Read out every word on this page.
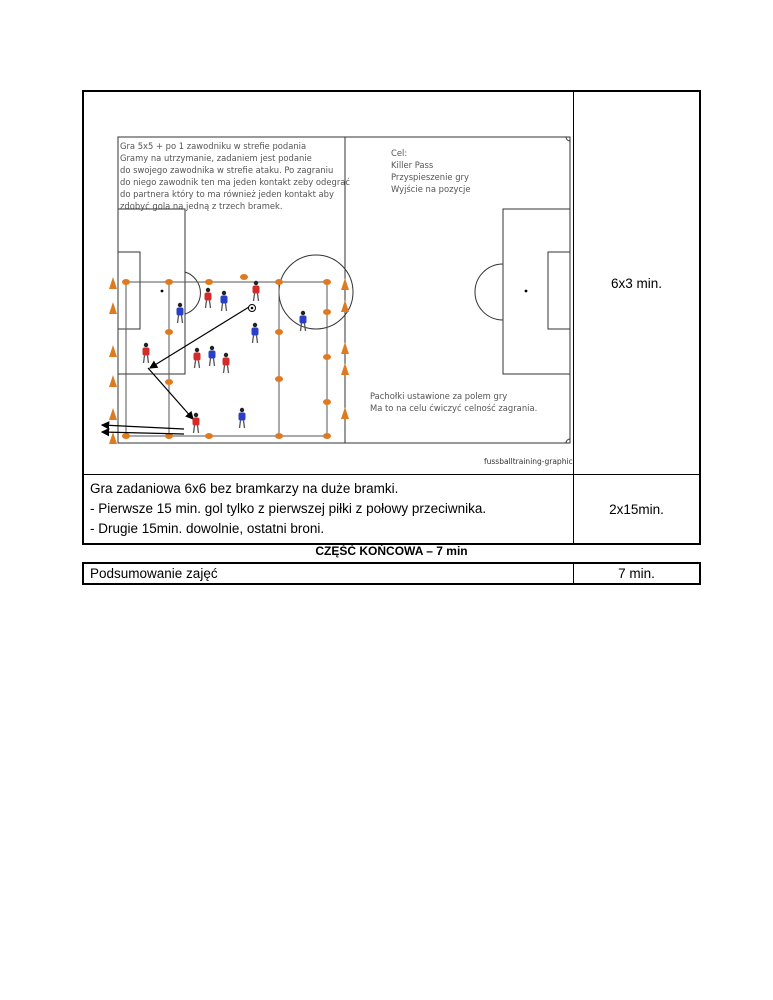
Gra 5x5 + po 1 zawodniku w strefie podania Gramy na utrzymanie, zadaniem jest podanie do swojego zawodnika w strefie ataku. Po zagraniu do niego zawodnik ten ma jeden kontakt zeby odegrać do partnera który to ma również jeden kontakt aby zdobyć gola na jedną z trzech bramek.
Cel: Killer Pass Przyspieszenie gry Wyjście na pozycje
Pachołki ustawione za polem gry Ma to na celu ćwiczyć celność zagrania.
fussballtraining-graphic
6x3 min.
Gra zadaniowa 6x6 bez bramkarzy na duże bramki.
- Pierwsze 15 min. gol tylko z pierwszej piłki z połowy przeciwnika.
- Drugie 15min. dowolnie, ostatni broni.
2x15min.
CZĘŚĆ KOŃCOWA – 7 min
Podsumowanie zajęć	7 min.
